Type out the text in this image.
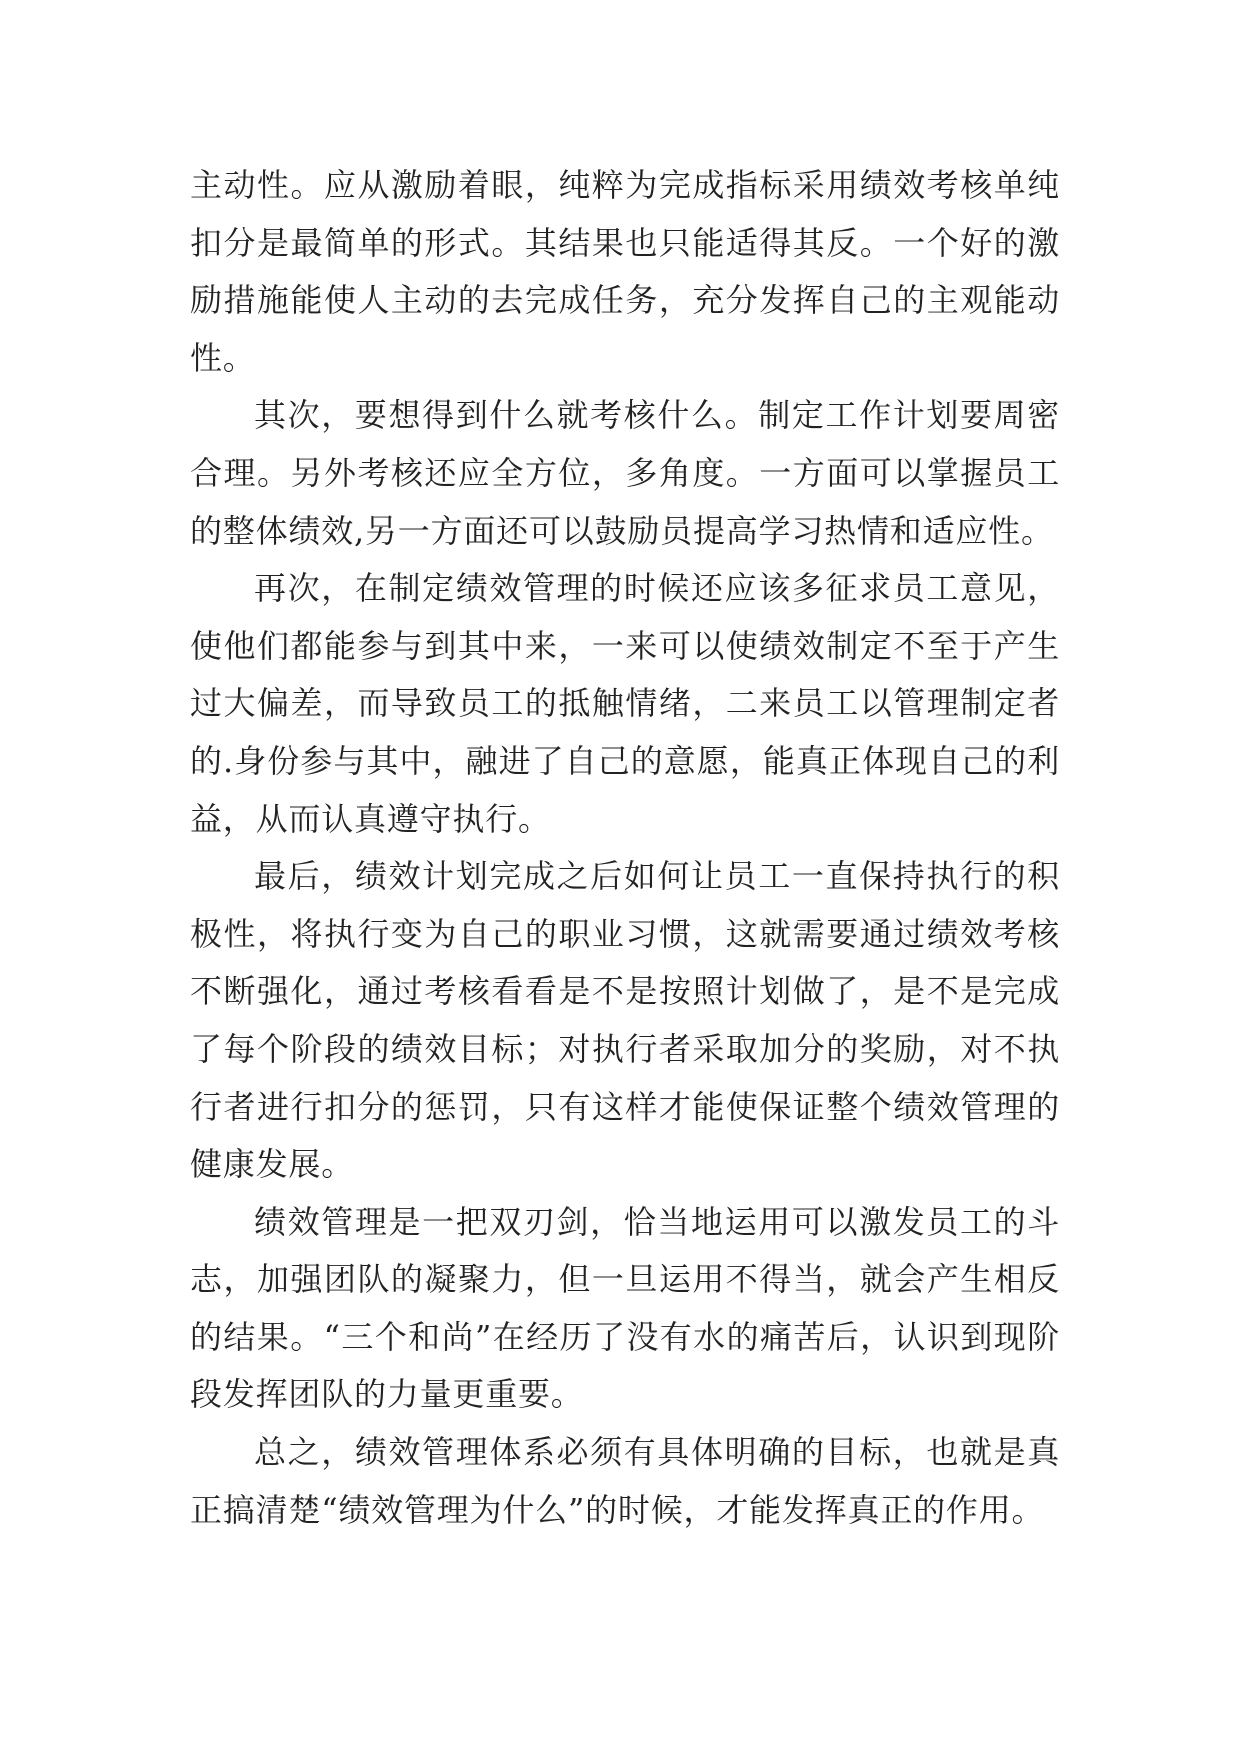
主动性。应从激励着眼，纯粹为完成指标采用绩效考核单纯扣分是最简单的形式。其结果也只能适得其反。一个好的激励措施能使人主动的去完成任务，充分发挥自己的主观能动性。

其次，要想得到什么就考核什么。制定工作计划要周密合理。另外考核还应全方位，多角度。一方面可以掌握员工的整体绩效,另一方面还可以鼓励员提高学习热情和适应性。

再次，在制定绩效管理的时候还应该多征求员工意见，使他们都能参与到其中来，一来可以使绩效制定不至于产生过大偏差，而导致员工的抵触情绪，二来员工以管理制定者的.身份参与其中，融进了自己的意愿，能真正体现自己的利益，从而认真遵守执行。

最后，绩效计划完成之后如何让员工一直保持执行的积极性，将执行变为自己的职业习惯，这就需要通过绩效考核不断强化，通过考核看看是不是按照计划做了，是不是完成了每个阶段的绩效目标；对执行者采取加分的奖励，对不执行者进行扣分的惩罚，只有这样才能使保证整个绩效管理的健康发展。

绩效管理是一把双刃剑，恰当地运用可以激发员工的斗志，加强团队的凝聚力，但一旦运用不得当，就会产生相反的结果。“三个和尚”在经历了没有水的痛苦后，认识到现阶段发挥团队的力量更重要。

总之，绩效管理体系必须有具体明确的目标，也就是真正搞清楚“绩效管理为什么”的时候，才能发挥真正的作用。
